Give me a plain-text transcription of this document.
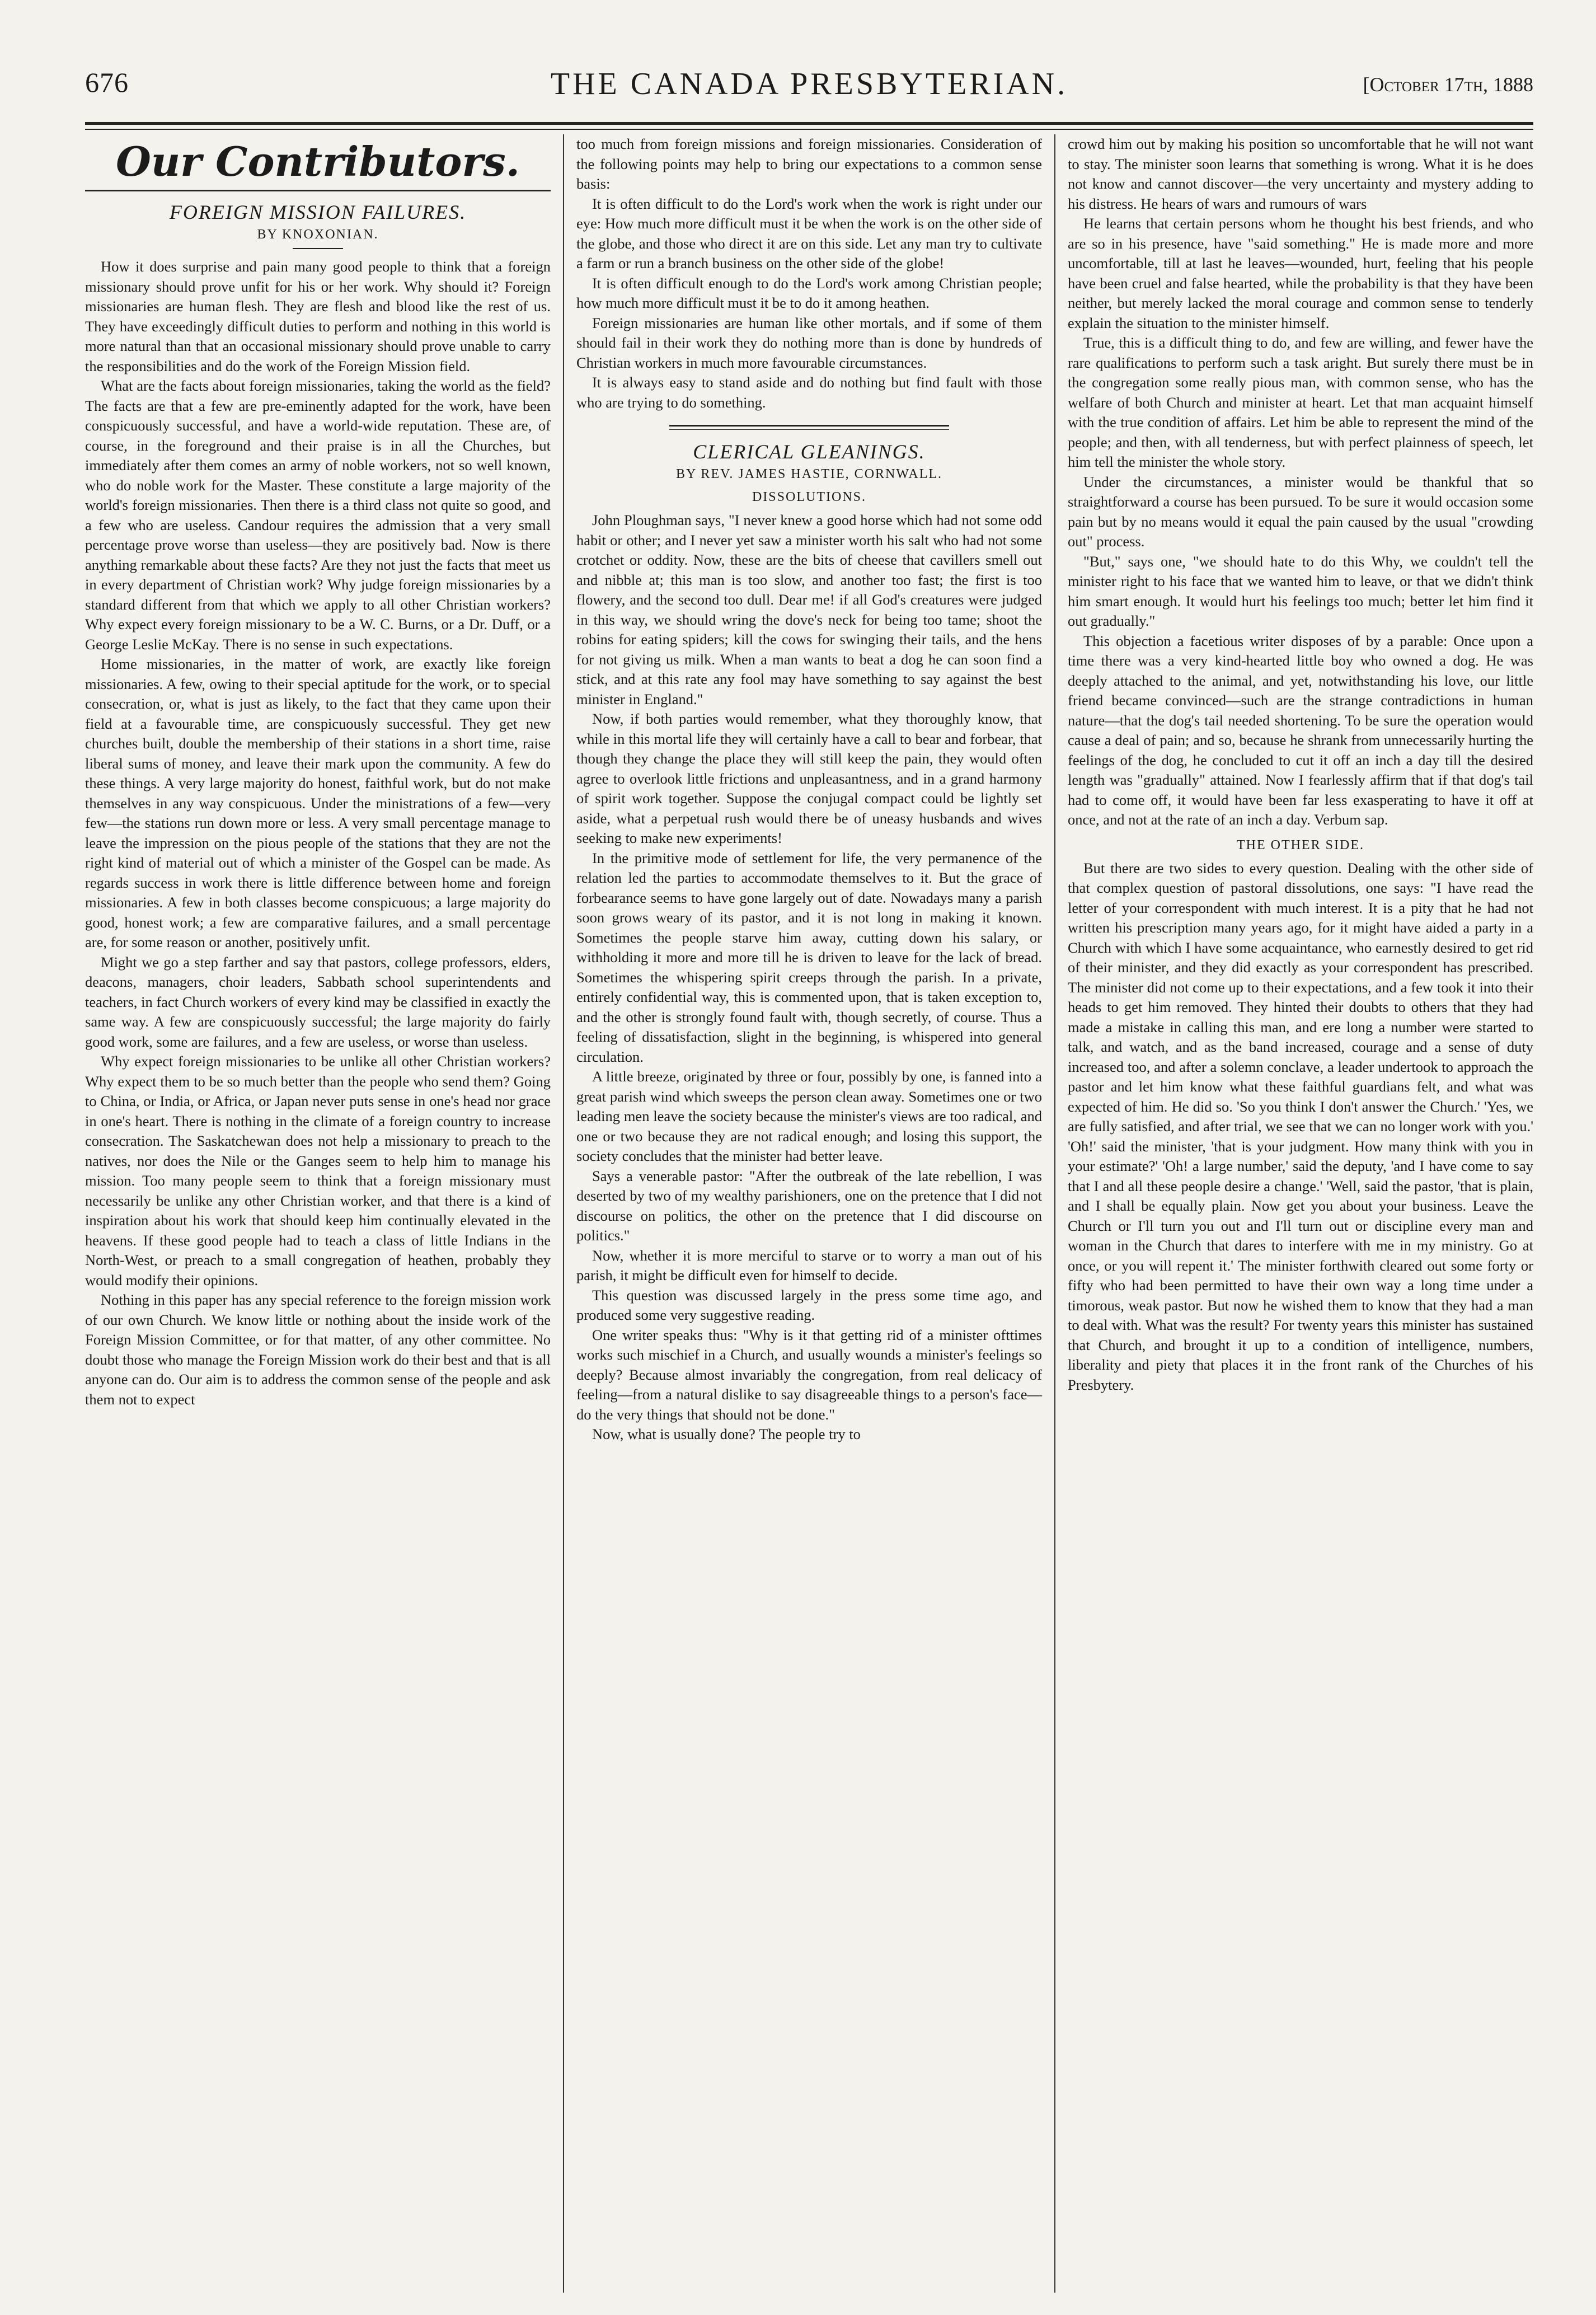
676	THE CANADA PRESBYTERIAN.	[October 17th, 1888
Our Contributors.
FOREIGN MISSION FAILURES.
BY KNOXONIAN.

How it does surprise and pain many good people to think that a foreign missionary should prove unfit for his or her work. Why should it? Foreign missionaries are human flesh. They are flesh and blood like the rest of us. They have exceedingly difficult duties to perform and nothing in this world is more natural than that an occasional missionary should prove unable to carry the responsibilities and do the work of the Foreign Mission field.

What are the facts about foreign missionaries, taking the world as the field? The facts are that a few are pre-eminently adapted for the work, have been conspicuously successful, and have a world-wide reputation. These are, of course, in the foreground and their praise is in all the Churches, but immediately after them comes an army of noble workers, not so well known, who do noble work for the Master. These constitute a large majority of the world's foreign missionaries. Then there is a third class not quite so good, and a few who are useless. Candour requires the admission that a very small percentage prove worse than useless—they are positively bad. Now is there anything remarkable about these facts? Are they not just the facts that meet us in every department of Christian work? Why judge foreign missionaries by a standard different from that which we apply to all other Christian workers? Why expect every foreign missionary to be a W. C. Burns, or a Dr. Duff, or a George Leslie McKay. There is no sense in such expectations.

Home missionaries, in the matter of work, are exactly like foreign missionaries. A few, owing to their special aptitude for the work, or to special consecration, or, what is just as likely, to the fact that they came upon their field at a favourable time, are conspicuously successful. They get new churches built, double the membership of their stations in a short time, raise liberal sums of money, and leave their mark upon the community. A few do these things. A very large majority do honest, faithful work, but do not make themselves in any way conspicuous. Under the ministrations of a few—very few—the stations run down more or less. A very small percentage manage to leave the impression on the pious people of the stations that they are not the right kind of material out of which a minister of the Gospel can be made. As regards success in work there is little difference between home and foreign missionaries. A few in both classes become conspicuous; a large majority do good, honest work; a few are comparative failures, and a small percentage are, for some reason or another, positively unfit.

Might we go a step farther and say that pastors, college professors, elders, deacons, managers, choir leaders, Sabbath school superintendents and teachers, in fact Church workers of every kind may be classified in exactly the same way. A few are conspicuously successful; the large majority do fairly good work, some are failures, and a few are useless, or worse than useless.

Why expect foreign missionaries to be unlike all other Christian workers? Why expect them to be so much better than the people who send them? Going to China, or India, or Africa, or Japan never puts sense in one's head nor grace in one's heart. There is nothing in the climate of a foreign country to increase consecration. The Saskatchewan does not help a missionary to preach to the natives, nor does the Nile or the Ganges seem to help him to manage his mission. Too many people seem to think that a foreign missionary must necessarily be unlike any other Christian worker, and that there is a kind of inspiration about his work that should keep him continually elevated in the heavens. If these good people had to teach a class of little Indians in the North-West, or preach to a small congregation of heathen, probably they would modify their opinions.

Nothing in this paper has any special reference to the foreign mission work of our own Church. We know little or nothing about the inside work of the Foreign Mission Committee, or for that matter, of any other committee. No doubt those who manage the Foreign Mission work do their best and that is all anyone can do. Our aim is to address the common sense of the people and ask them not to expect

too much from foreign missions and foreign missionaries. Consideration of the following points may help to bring our expectations to a common sense basis:

It is often difficult to do the Lord's work when the work is right under our eye: How much more difficult must it be when the work is on the other side of the globe, and those who direct it are on this side. Let any man try to cultivate a farm or run a branch business on the other side of the globe!

It is often difficult enough to do the Lord's work among Christian people; how much more difficult must it be to do it among heathen.

Foreign missionaries are human like other mortals, and if some of them should fail in their work they do nothing more than is done by hundreds of Christian workers in much more favourable circumstances.

It is always easy to stand aside and do nothing but find fault with those who are trying to do something.

CLERICAL GLEANINGS.
BY REV. JAMES HASTIE, CORNWALL.
DISSOLUTIONS.

John Ploughman says, "I never knew a good horse which had not some odd habit or other; and I never yet saw a minister worth his salt who had not some crotchet or oddity. Now, these are the bits of cheese that cavillers smell out and nibble at; this man is too slow, and another too fast; the first is too flowery, and the second too dull. Dear me! if all God's creatures were judged in this way, we should wring the dove's neck for being too tame; shoot the robins for eating spiders; kill the cows for swinging their tails, and the hens for not giving us milk. When a man wants to beat a dog he can soon find a stick, and at this rate any fool may have something to say against the best minister in England."

Now, if both parties would remember, what they thoroughly know, that while in this mortal life they will certainly have a call to bear and forbear, that though they change the place they will still keep the pain, they would often agree to overlook little frictions and unpleasantness, and in a grand harmony of spirit work together. Suppose the conjugal compact could be lightly set aside, what a perpetual rush would there be of uneasy husbands and wives seeking to make new experiments!

In the primitive mode of settlement for life, the very permanence of the relation led the parties to accommodate themselves to it. But the grace of forbearance seems to have gone largely out of date. Nowadays many a parish soon grows weary of its pastor, and it is not long in making it known. Sometimes the people starve him away, cutting down his salary, or withholding it more and more till he is driven to leave for the lack of bread. Sometimes the whispering spirit creeps through the parish. In a private, entirely confidential way, this is commented upon, that is taken exception to, and the other is strongly found fault with, though secretly, of course. Thus a feeling of dissatisfaction, slight in the beginning, is whispered into general circulation.

A little breeze, originated by three or four, possibly by one, is fanned into a great parish wind which sweeps the person clean away. Sometimes one or two leading men leave the society because the minister's views are too radical, and one or two because they are not radical enough; and losing this support, the society concludes that the minister had better leave.

Says a venerable pastor: "After the outbreak of the late rebellion, I was deserted by two of my wealthy parishioners, one on the pretence that I did not discourse on politics, the other on the pretence that I did discourse on politics."

Now, whether it is more merciful to starve or to worry a man out of his parish, it might be difficult even for himself to decide.

This question was discussed largely in the press some time ago, and produced some very suggestive reading.

One writer speaks thus: "Why is it that getting rid of a minister ofttimes works such mischief in a Church, and usually wounds a minister's feelings so deeply? Because almost invariably the congregation, from real delicacy of feeling—from a natural dislike to say disagreeable things to a person's face—do the very things that should not be done."

Now, what is usually done? The people try to

crowd him out by making his position so uncomfortable that he will not want to stay. The minister soon learns that something is wrong. What it is he does not know and cannot discover—the very uncertainty and mystery adding to his distress. He hears of wars and rumours of wars

He learns that certain persons whom he thought his best friends, and who are so in his presence, have "said something." He is made more and more uncomfortable, till at last he leaves—wounded, hurt, feeling that his people have been cruel and false hearted, while the probability is that they have been neither, but merely lacked the moral courage and common sense to tenderly explain the situation to the minister himself.

True, this is a difficult thing to do, and few are willing, and fewer have the rare qualifications to perform such a task aright. But surely there must be in the congregation some really pious man, with common sense, who has the welfare of both Church and minister at heart. Let that man acquaint himself with the true condition of affairs. Let him be able to represent the mind of the people; and then, with all tenderness, but with perfect plainness of speech, let him tell the minister the whole story.

Under the circumstances, a minister would be thankful that so straightforward a course has been pursued. To be sure it would occasion some pain but by no means would it equal the pain caused by the usual "crowding out" process.

"But," says one, "we should hate to do this Why, we couldn't tell the minister right to his face that we wanted him to leave, or that we didn't think him smart enough. It would hurt his feelings too much; better let him find it out gradually."

This objection a facetious writer disposes of by a parable: Once upon a time there was a very kind-hearted little boy who owned a dog. He was deeply attached to the animal, and yet, notwithstanding his love, our little friend became convinced—such are the strange contradictions in human nature—that the dog's tail needed shortening. To be sure the operation would cause a deal of pain; and so, because he shrank from unnecessarily hurting the feelings of the dog, he concluded to cut it off an inch a day till the desired length was "gradually" attained. Now I fearlessly affirm that if that dog's tail had to come off, it would have been far less exasperating to have it off at once, and not at the rate of an inch a day. Verbum sap.

THE OTHER SIDE.

But there are two sides to every question. Dealing with the other side of that complex question of pastoral dissolutions, one says: "I have read the letter of your correspondent with much interest. It is a pity that he had not written his prescription many years ago, for it might have aided a party in a Church with which I have some acquaintance, who earnestly desired to get rid of their minister, and they did exactly as your correspondent has prescribed. The minister did not come up to their expectations, and a few took it into their heads to get him removed. They hinted their doubts to others that they had made a mistake in calling this man, and ere long a number were started to talk, and watch, and as the band increased, courage and a sense of duty increased too, and after a solemn conclave, a leader undertook to approach the pastor and let him know what these faithful guardians felt, and what was expected of him. He did so. 'So you think I don't answer the Church.' 'Yes, we are fully satisfied, and after trial, we see that we can no longer work with you.' 'Oh!' said the minister, 'that is your judgment. How many think with you in your estimate?' 'Oh! a large number,' said the deputy, 'and I have come to say that I and all these people desire a change.' 'Well, said the pastor, 'that is plain, and I shall be equally plain. Now get you about your business. Leave the Church or I'll turn you out and I'll turn out or discipline every man and woman in the Church that dares to interfere with me in my ministry. Go at once, or you will repent it.' The minister forthwith cleared out some forty or fifty who had been permitted to have their own way a long time under a timorous, weak pastor. But now he wished them to know that they had a man to deal with. What was the result? For twenty years this minister has sustained that Church, and brought it up to a condition of intelligence, numbers, liberality and piety that places it in the front rank of the Churches of his Presbytery.
